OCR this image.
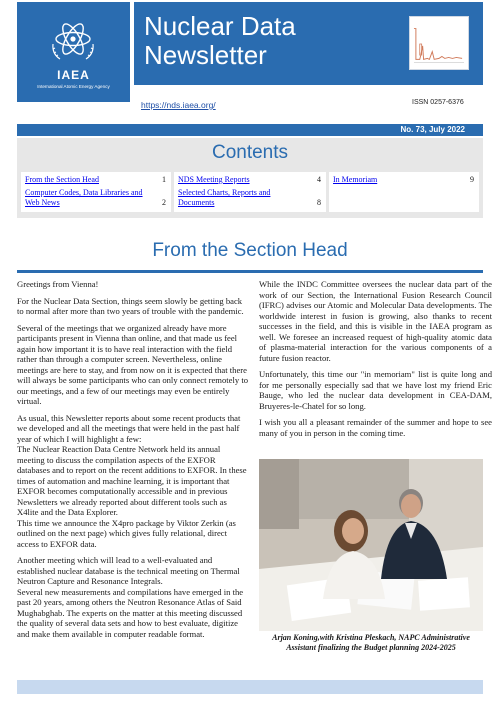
IAEA
International Atomic Energy Agency
Nuclear Data
Newsletter
https://nds.iaea.org/	ISSN 0257-6376
No. 73, July 2022
Contents
From the Section Head	1
Computer Codes, Data Libraries and Web News	2
NDS Meeting Reports	4
Selected Charts, Reports and Documents	8
In Memoriam	9
From the Section Head

Greetings from Vienna!

For the Nuclear Data Section, things seem slowly be getting back to normal after more than two years of trouble with the pandemic.

Several of the meetings that we organized already have more participants present in Vienna than online, and that made us feel again how important it is to have real interaction with the field rather than through a computer screen. Nevertheless, online meetings are here to stay, and from now on it is expected that there will always be some participants who can only connect remotely to our meetings, and a few of our meetings may even be entirely virtual.

As usual, this Newsletter reports about some recent products that we developed and all the meetings that were held in the past half year of which I will highlight a few:

The Nuclear Reaction Data Centre Network held its annual meeting to discuss the compilation aspects of the EXFOR databases and to report on the recent additions to EXFOR. In these times of automation and machine learning, it is important that EXFOR becomes computationally accessible and in previous Newsletters we already reported about different tools such as X4lite and the Data Explorer.

This time we announce the X4pro package by Viktor Zerkin (as outlined on the next page) which gives fully relational, direct access to EXFOR data.

Another meeting which will lead to a well-evaluated and established nuclear database is the technical meeting on Thermal Neutron Capture and Resonance Integrals.

Several new measurements and compilations have emerged in the past 20 years, among others the Neutron Resonance Atlas of Said Mughabghab. The experts on the matter at this meeting discussed the quality of several data sets and how to best evaluate, digitize and make them available in computer readable format.

While the INDC Committee oversees the nuclear data part of the work of our Section, the International Fusion Research Council (IFRC) advises our Atomic and Molecular Data developments. The worldwide interest in fusion is growing, also thanks to recent successes in the field, and this is visible in the IAEA program as well. We foresee an increased request of high-quality atomic data of plasma-material interaction for the various components of a future fusion reactor.

Unfortunately, this time our "in memoriam" list is quite long and for me personally especially sad that we have lost my friend Eric Bauge, who led the nuclear data development in CEA-DAM, Bruyeres-le-Chatel for so long.

I wish you all a pleasant remainder of the summer and hope to see many of you in person in the coming time.

Arjan Koning,with Kristina Pleskach, NAPC Administrative Assistant finalizing the Budget planning 2024-2025
